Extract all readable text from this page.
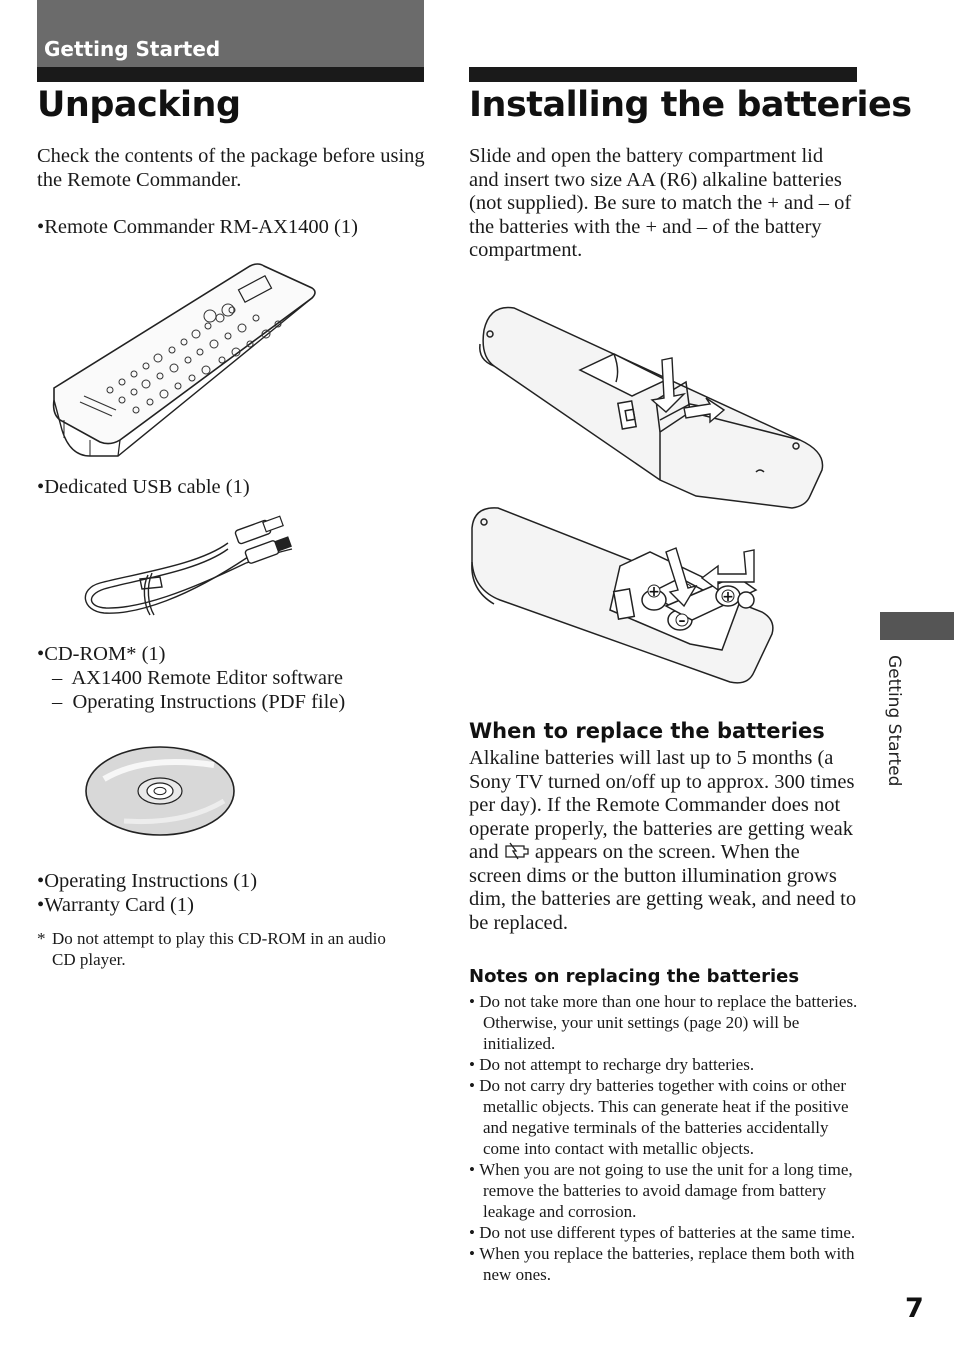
Getting Started
Unpacking
Check the contents of the package before using the Remote Commander.
•Remote Commander RM-AX1400 (1)
•Dedicated USB cable (1)
•CD-ROM* (1)
–  AX1400 Remote Editor software
–  Operating Instructions (PDF file)
•Operating Instructions (1)
•Warranty Card (1)
* Do not attempt to play this CD-ROM in an audio CD player.
Installing the batteries
Slide and open the battery compartment lid and insert two size AA (R6) alkaline batteries (not supplied). Be sure to match the + and – of the batteries with the + and – of the battery compartment.
+	+
–
When to replace the batteries
Alkaline batteries will last up to 5 months (a Sony TV turned on/off up to approx. 300 times per day). If the Remote Commander does not operate properly, the batteries are getting weak and appears on the screen. When the screen dims or the button illumination grows dim, the batteries are getting weak, and need to be replaced.
Notes on replacing the batteries
• Do not take more than one hour to replace the batteries. Otherwise, your unit settings (page 20) will be initialized.
• Do not attempt to recharge dry batteries.
• Do not carry dry batteries together with coins or other metallic objects. This can generate heat if the positive and negative terminals of the batteries accidentally come into contact with metallic objects.
• When you are not going to use the unit for a long time, remove the batteries to avoid damage from battery leakage and corrosion.
• Do not use different types of batteries at the same time.
• When you replace the batteries, replace them both with new ones.
Getting Started
7
